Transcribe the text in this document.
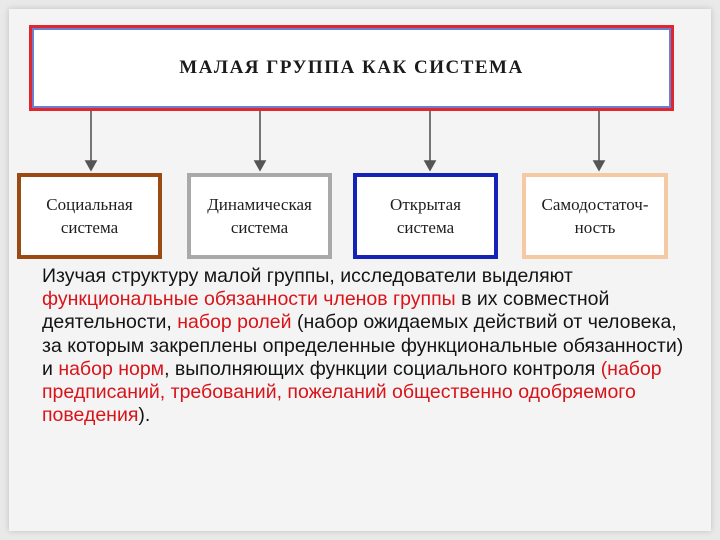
МАЛАЯ ГРУППА КАК СИСТЕМА
Социальная
система
Динамическая
система
Открытая
система
Самодостаточ-
ность

Изучая структуру малой группы, исследователи выделяют функциональные обязанности членов группы в их совместной деятельности, набор ролей (набор ожидаемых действий от человека, за которым закреплены определенные функциональные обязанности) и набор норм, выполняющих функции социального контроля (набор предписаний, требований, пожеланий общественно одобряемого поведения).
